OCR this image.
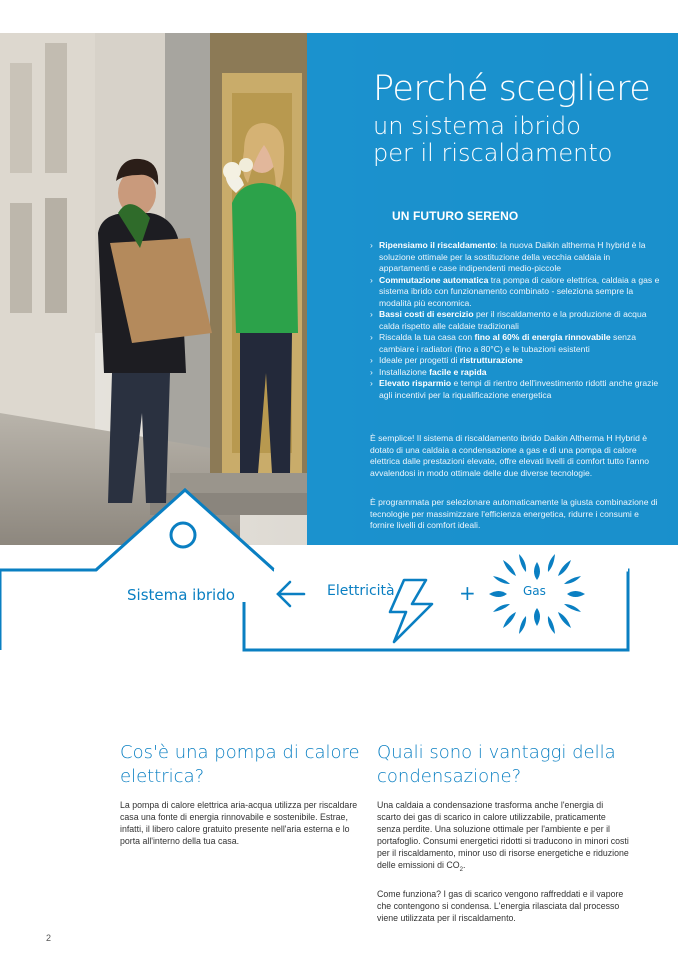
Perché scegliere
un sistema ibrido
per il riscaldamento
UN FUTURO SERENO
› Ripensiamo il riscaldamento: la nuova Daikin altherma H hybrid è la soluzione ottimale per la sostituzione della vecchia caldaia in appartamenti e case indipendenti medio-piccole
› Commutazione automatica tra pompa di calore elettrica, caldaia a gas e sistema ibrido con funzionamento combinato - seleziona sempre la modalità più economica.
› Bassi costi di esercizio per il riscaldamento e la produzione di acqua calda rispetto alle caldaie tradizionali
› Riscalda la tua casa con fino al 60% di energia rinnovabile senza cambiare i radiatori (fino a 80°C) e le tubazioni esistenti
› Ideale per progetti di ristrutturazione
› Installazione facile e rapida
› Elevato risparmio e tempi di rientro dell'investimento ridotti anche grazie agli incentivi per la riqualificazione energetica

È semplice! Il sistema di riscaldamento ibrido Daikin Altherma H Hybrid è dotato di una caldaia a condensazione a gas e di una pompa di calore elettrica dalle prestazioni elevate, offre elevati livelli di comfort tutto l'anno avvalendosi in modo ottimale delle due diverse tecnologie.

È programmata per selezionare automaticamente la giusta combinazione di tecnologie per massimizzare l'efficienza energetica, ridurre i consumi e fornire livelli di comfort ideali.

Sistema ibrido	Elettricità	+	Gas
Cos'è una pompa di calore
elettrica?

La pompa di calore elettrica aria-acqua utilizza per riscaldare casa una fonte di energia rinnovabile e sostenibile. Estrae, infatti, il libero calore gratuito presente nell'aria esterna e lo porta all'interno della tua casa.

Quali sono i vantaggi della
condensazione?

Una caldaia a condensazione trasforma anche l'energia di scarto dei gas di scarico in calore utilizzabile, praticamente senza perdite. Una soluzione ottimale per l'ambiente e per il portafoglio. Consumi energetici ridotti si traducono in minori costi per il riscaldamento, minor uso di risorse energetiche e riduzione delle emissioni di $CO_2$.

Come funziona? I gas di scarico vengono raffreddati e il vapore che contengono si condensa. L'energia rilasciata dal processo viene utilizzata per il riscaldamento.

2
